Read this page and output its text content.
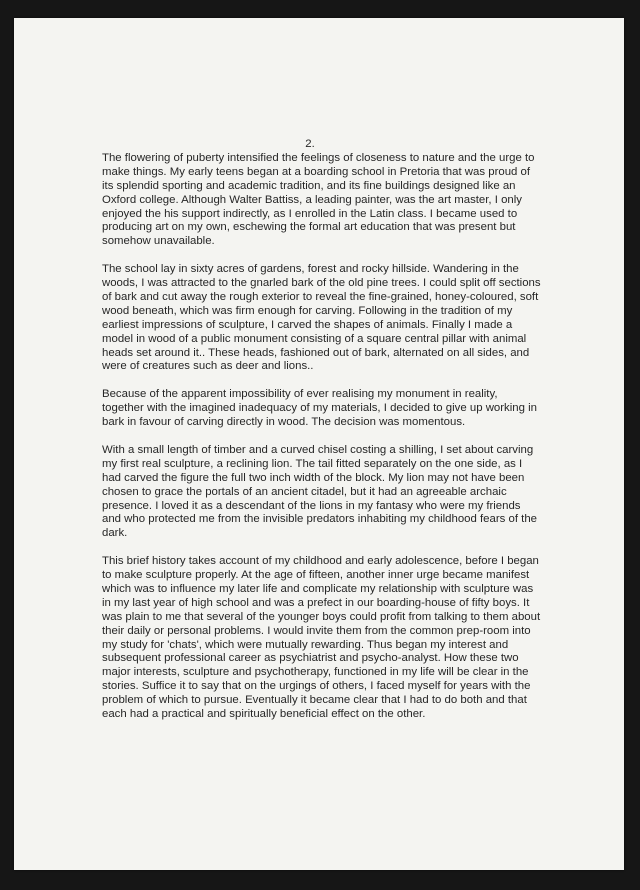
2.

The flowering of puberty intensified the feelings of closeness to nature and the urge to make things. My early teens began at a boarding school in Pretoria that was proud of its splendid sporting and academic tradition, and its fine buildings designed like an Oxford college. Although Walter Battiss, a leading painter, was the art master, I only enjoyed the his support indirectly, as I enrolled in the Latin class. I became used to producing art on my own, eschewing the formal art education that was present but somehow unavailable.

The school lay in sixty acres of gardens, forest and rocky hillside. Wandering in the woods, I was attracted to the gnarled bark of the old pine trees. I could split off sections of bark and cut away the rough exterior to reveal the fine-grained, honey-coloured, soft wood beneath, which was firm enough for carving. Following in the tradition of my earliest impressions of sculpture, I carved the shapes of animals. Finally I made a model in wood of a public monument consisting of a square central pillar with animal heads set around it.. These heads, fashioned out of bark, alternated on all sides, and were of creatures such as deer and lions..

Because of the apparent impossibility of ever realising my monument in reality, together with the imagined inadequacy of my materials, I decided to give up working in bark in favour of carving directly in wood. The decision was momentous.

With a small length of timber and a curved chisel costing a shilling, I set about carving my first real sculpture, a reclining lion. The tail fitted separately on the one side, as I had carved the figure the full two inch width of the block. My lion may not have been chosen to grace the portals of an ancient citadel, but it had an agreeable archaic presence. I loved it as a descendant of the lions in my fantasy who were my friends and who protected me from the invisible predators inhabiting my childhood fears of the dark.

This brief history takes account of my childhood and early adolescence, before I began to make sculpture properly. At the age of fifteen, another inner urge became manifest which was to influence my later life and complicate my relationship with sculpture was in my last year of high school and was a prefect in our boarding-house of fifty boys. It was plain to me that several of the younger boys could profit from talking to them about their daily or personal problems. I would invite them from the common prep-room into my study for 'chats', which were mutually rewarding. Thus began my interest and subsequent professional career as psychiatrist and psycho-analyst. How these two major interests, sculpture and psychotherapy, functioned in my life will be clear in the stories. Suffice it to say that on the urgings of others, I faced myself for years with the problem of which to pursue. Eventually it became clear that I had to do both and that each had a practical and spiritually beneficial effect on the other.
